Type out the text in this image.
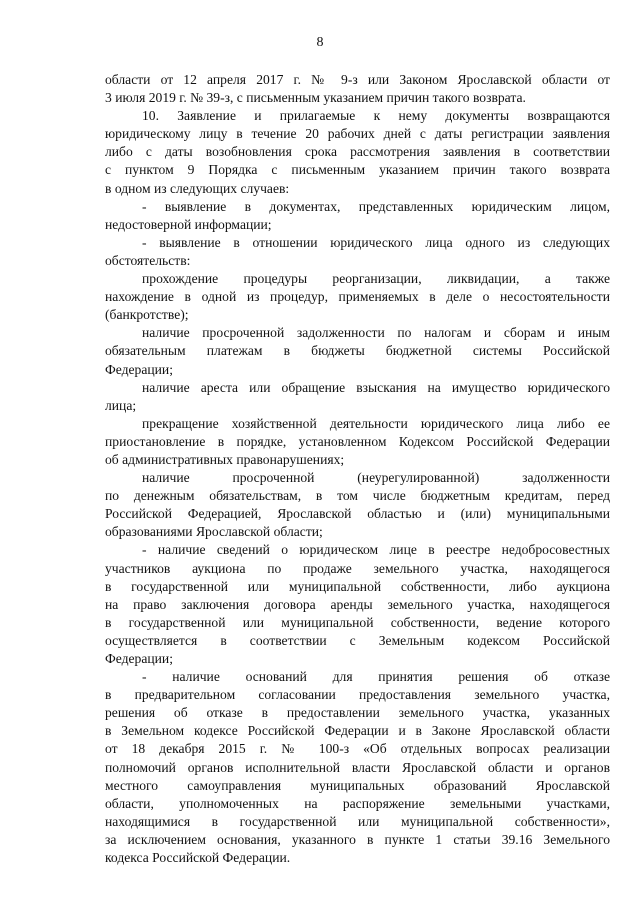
8
области от 12 апреля 2017 г. № 9-з или Законом Ярославской области от
3 июля 2019 г. № 39-з, с письменным указанием причин такого возврата.
10. Заявление и прилагаемые к нему документы возвращаются
юридическому лицу в течение 20 рабочих дней с даты регистрации заявления
либо с даты возобновления срока рассмотрения заявления в соответствии
с пунктом 9 Порядка с письменным указанием причин такого возврата
в одном из следующих случаев:
- выявление в документах, представленных юридическим лицом,
недостоверной информации;
- выявление в отношении юридического лица одного из следующих
обстоятельств:
прохождение процедуры реорганизации, ликвидации, а также
нахождение в одной из процедур, применяемых в деле о несостоятельности
(банкротстве);
наличие просроченной задолженности по налогам и сборам и иным
обязательным платежам в бюджеты бюджетной системы Российской
Федерации;
наличие ареста или обращение взыскания на имущество юридического
лица;
прекращение хозяйственной деятельности юридического лица либо ее
приостановление в порядке, установленном Кодексом Российской Федерации
об административных правонарушениях;
наличие просроченной (неурегулированной) задолженности
по денежным обязательствам, в том числе бюджетным кредитам, перед
Российской Федерацией, Ярославской областью и (или) муниципальными
образованиями Ярославской области;
- наличие сведений о юридическом лице в реестре недобросовестных
участников аукциона по продаже земельного участка, находящегося
в государственной или муниципальной собственности, либо аукциона
на право заключения договора аренды земельного участка, находящегося
в государственной или муниципальной собственности, ведение которого
осуществляется в соответствии с Земельным кодексом Российской
Федерации;
- наличие оснований для принятия решения об отказе
в предварительном согласовании предоставления земельного участка,
решения об отказе в предоставлении земельного участка, указанных
в Земельном кодексе Российской Федерации и в Законе Ярославской области
от 18 декабря 2015 г. № 100-з «Об отдельных вопросах реализации
полномочий органов исполнительной власти Ярославской области и органов
местного самоуправления муниципальных образований Ярославской
области, уполномоченных на распоряжение земельными участками,
находящимися в государственной или муниципальной собственности»,
за исключением основания, указанного в пункте 1 статьи 39.16 Земельного
кодекса Российской Федерации.
